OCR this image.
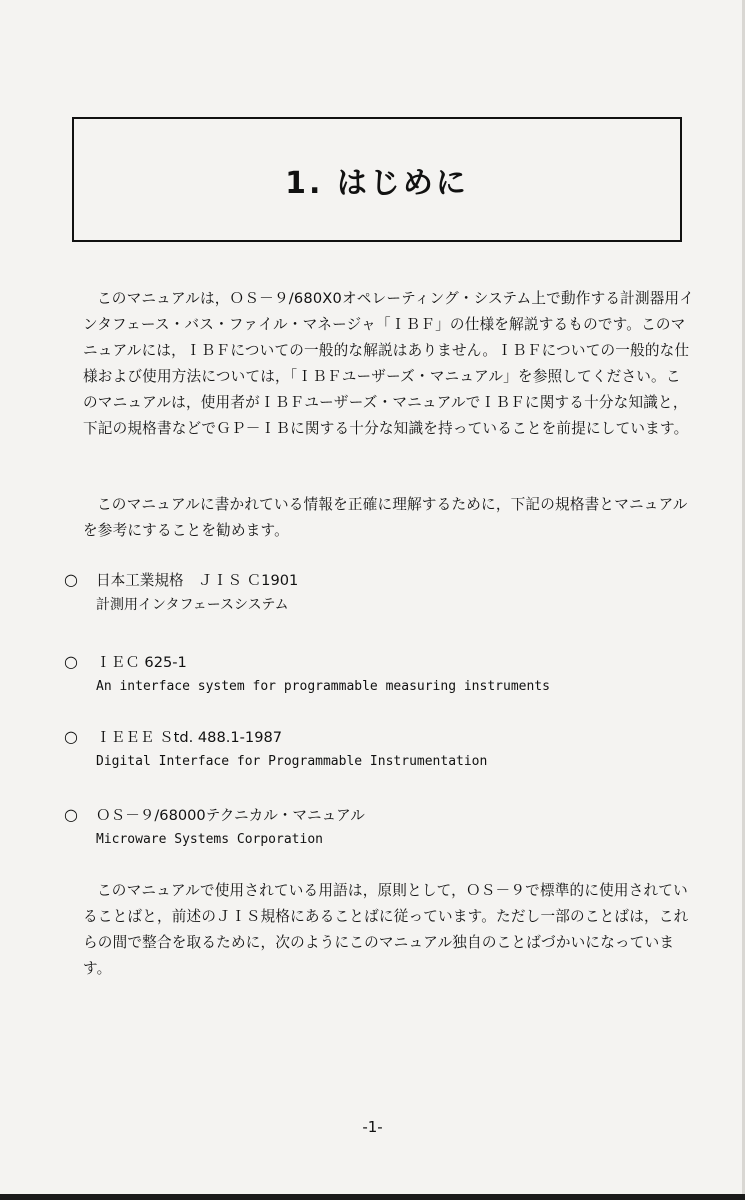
1. はじめに

このマニュアルは，ＯＳ－９/680X0オペレーティング・システム上で動作する計測器用インタフェース・バス・ファイル・マネージャ「ＩＢＦ」の仕様を解説するものです。このマニュアルには，ＩＢＦについての一般的な解説はありません。ＩＢＦについての一般的な仕様および使用方法については，「ＩＢＦユーザーズ・マニュアル」を参照してください。このマニュアルは，使用者がＩＢＦユーザーズ・マニュアルでＩＢＦに関する十分な知識と，下記の規格書などでＧＰ－ＩＢに関する十分な知識を持っていることを前提にしています。

このマニュアルに書かれている情報を正確に理解するために，下記の規格書とマニュアルを参考にすることを勧めます。

○	日本工業規格　ＪＩＳ Ｃ1901
計測用インタフェースシステム
○	ＩＥＣ 625-1
An interface system for programmable measuring instruments
○	ＩＥＥＥ Ｓtd. 488.1-1987
Digital Interface for Programmable Instrumentation
○	ＯＳ－９/68000テクニカル・マニュアル
Microware Systems Corporation

このマニュアルで使用されている用語は，原則として，ＯＳ－９で標準的に使用されていることばと，前述のＪＩＳ規格にあることばに従っています。ただし一部のことばは，これらの間で整合を取るために，次のようにこのマニュアル独自のことばづかいになっています。

-1-
